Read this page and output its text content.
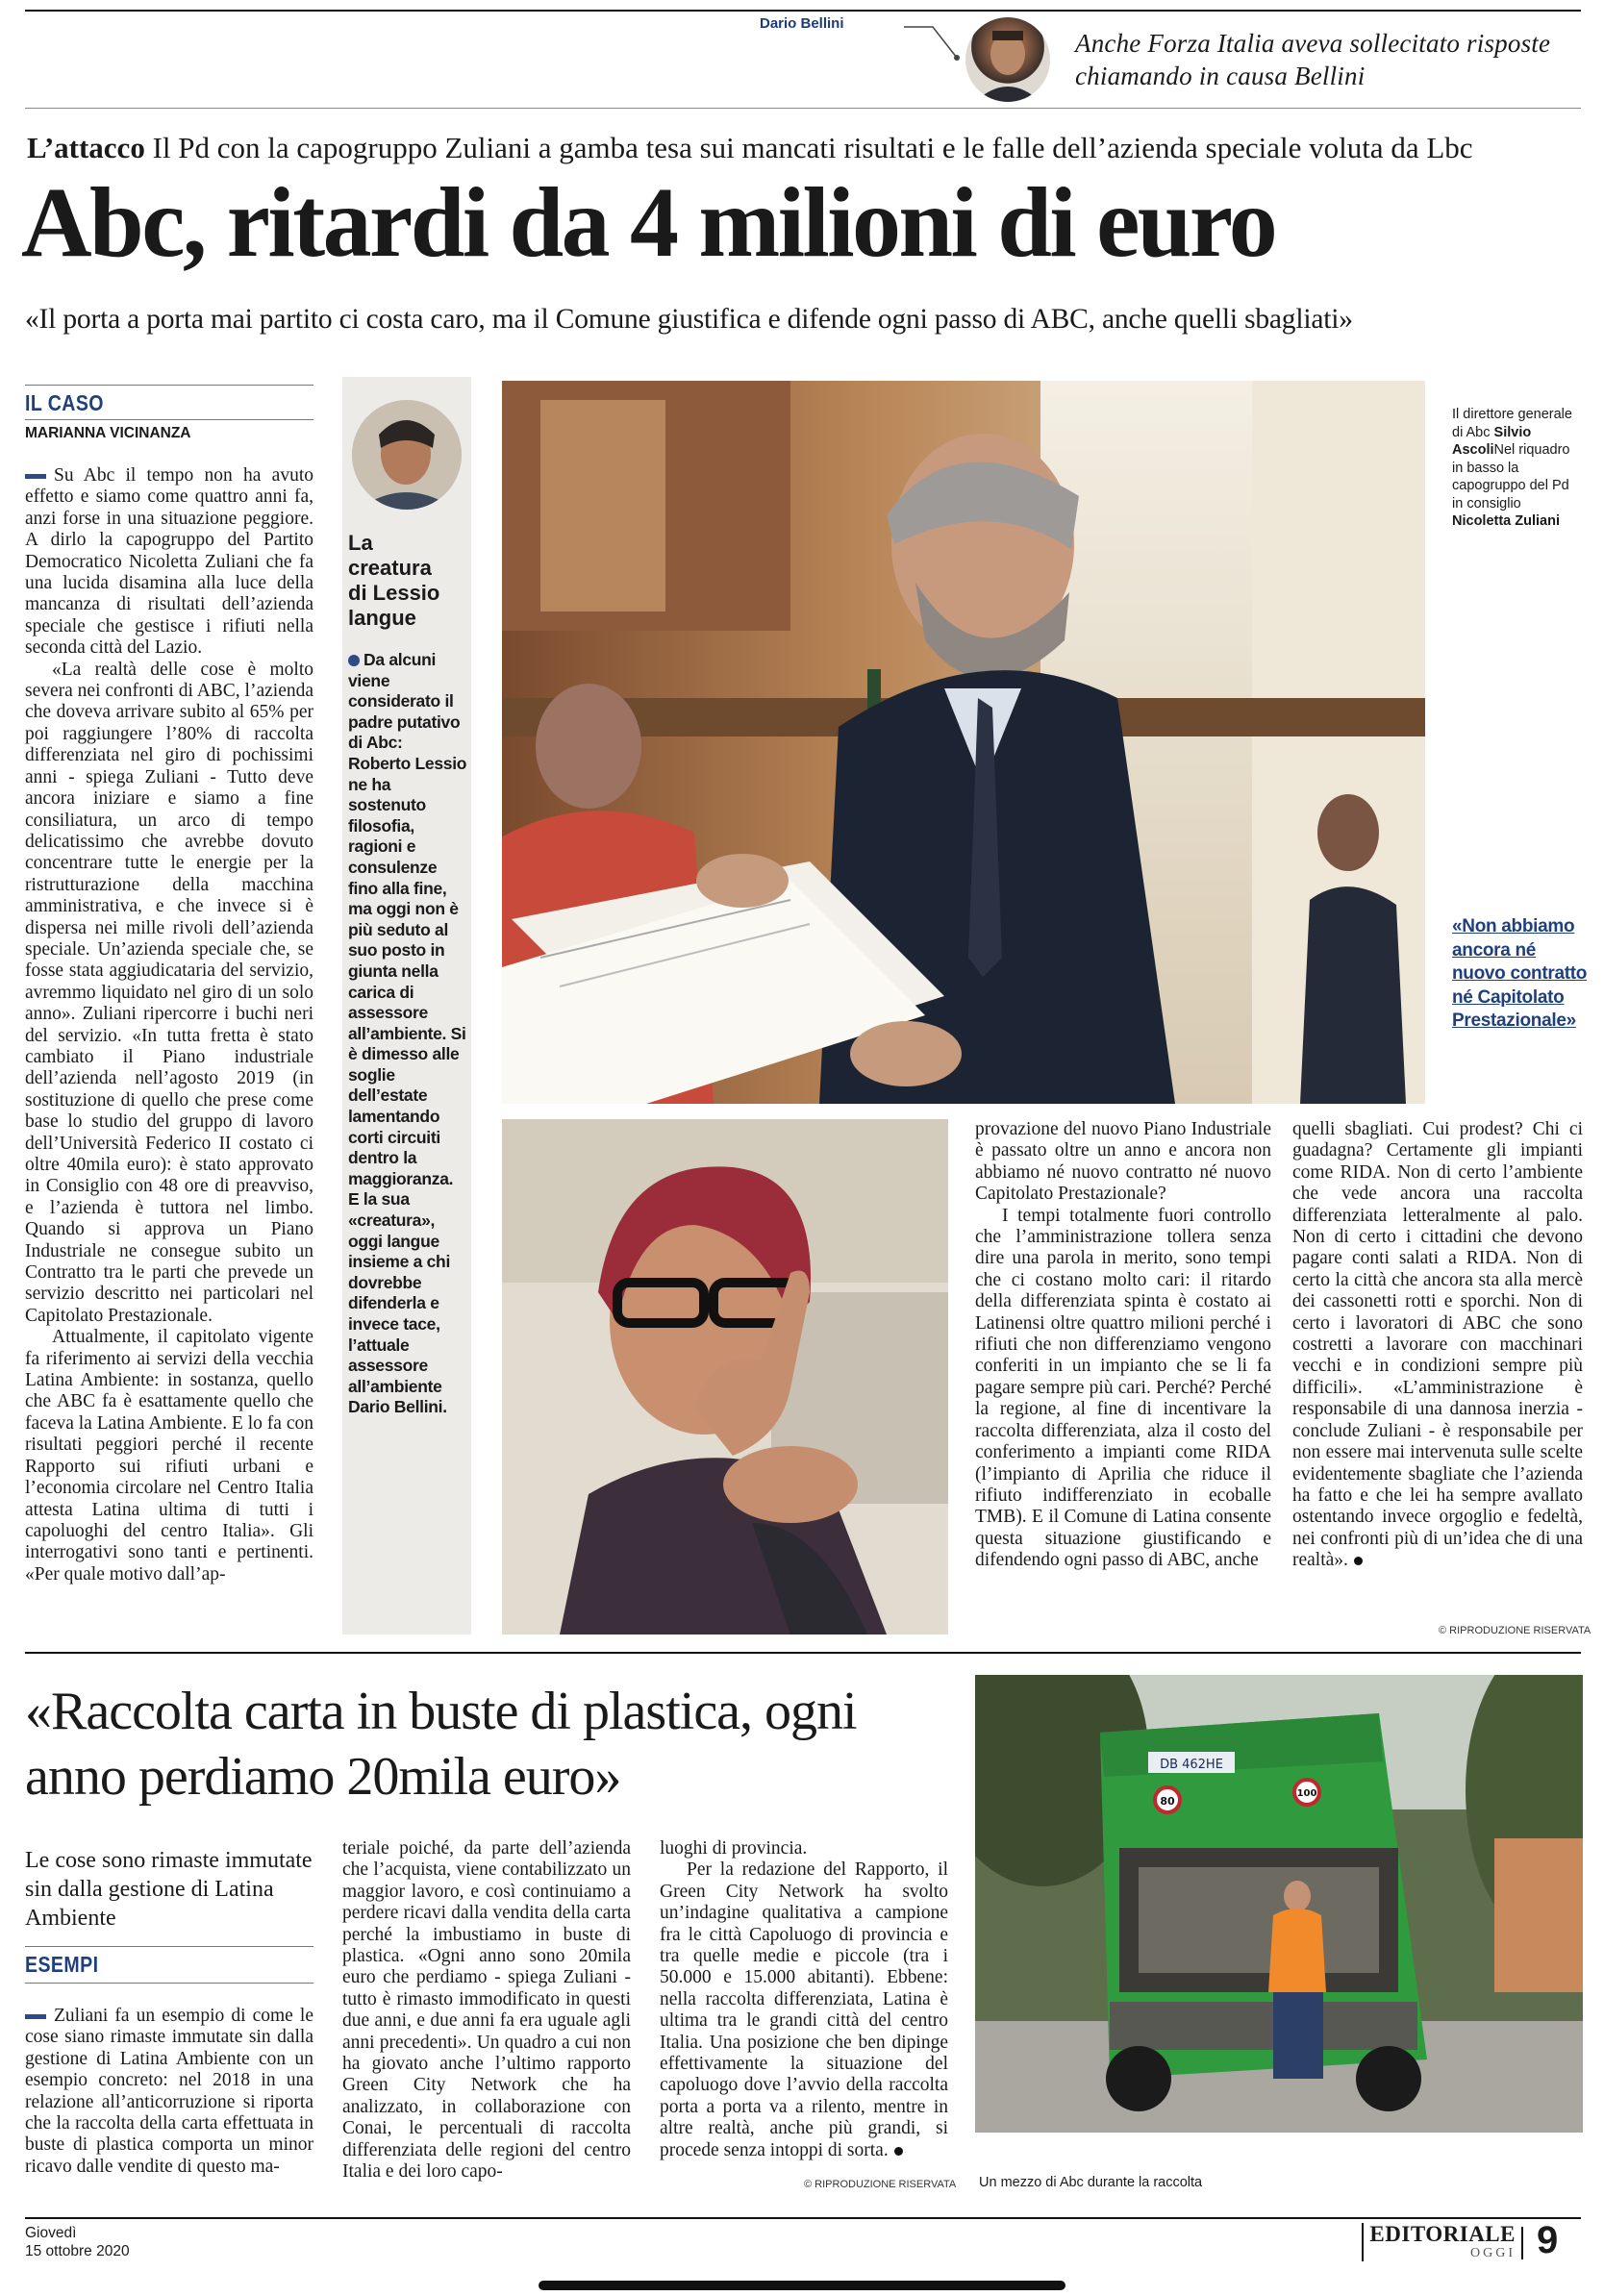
Dario Bellini
Anche Forza Italia aveva sollecitato risposte chiamando in causa Bellini
L’attacco Il Pd con la capogruppo Zuliani a gamba tesa sui mancati risultati e le falle dell’azienda speciale voluta da Lbc
Abc, ritardi da 4 milioni di euro
«Il porta a porta mai partito ci costa caro, ma il Comune giustifica e difende ogni passo di ABC, anche quelli sbagliati»
IL CASO
MARIANNA VICINANZA

Su Abc il tempo non ha avuto effetto e siamo come quattro anni fa, anzi forse in una situazione peggiore. A dirlo la capogruppo del Partito Democratico Nicoletta Zuliani che fa una lucida disamina alla luce della mancanza di risultati dell’azienda speciale che gestisce i rifiuti nella seconda città del Lazio.

«La realtà delle cose è molto severa nei confronti di ABC, l’azienda che doveva arrivare subito al 65% per poi raggiungere l’80% di raccolta differenziata nel giro di pochissimi anni - spiega Zuliani - Tutto deve ancora iniziare e siamo a fine consiliatura, un arco di tempo delicatissimo che avrebbe dovuto concentrare tutte le energie per la ristrutturazione della macchina amministrativa, e che invece si è dispersa nei mille rivoli dell’azienda speciale. Un’azienda speciale che, se fosse stata aggiudicataria del servizio, avremmo liquidato nel giro di un solo anno». Zuliani ripercorre i buchi neri del servizio. «In tutta fretta è stato cambiato il Piano industriale dell’azienda nell’agosto 2019 (in sostituzione di quello che prese come base lo studio del gruppo di lavoro dell’Università Federico II costato ci oltre 40mila euro): è stato approvato in Consiglio con 48 ore di preavviso, e l’azienda è tuttora nel limbo. Quando si approva un Piano Industriale ne consegue subito un Contratto tra le parti che prevede un servizio descritto nei particolari nel Capitolato Prestazionale.

Attualmente, il capitolato vigente fa riferimento ai servizi della vecchia Latina Ambiente: in sostanza, quello che ABC fa è esattamente quello che faceva la Latina Ambiente. E lo fa con risultati peggiori perché il recente Rapporto sui rifiuti urbani e l’economia circolare nel Centro Italia attesta Latina ultima di tutti i capoluoghi del centro Italia». Gli interrogativi sono tanti e pertinenti. «Per quale motivo dall’ap-

La creatura di Lessio langue
Da alcuni viene considerato il padre putativo di Abc: Roberto Lessio ne ha sostenuto filosofia, ragioni e consulenze fino alla fine, ma oggi non è più seduto al suo posto in giunta nella carica di assessore all’ambiente. Si è dimesso alle soglie dell’estate lamentando corti circuiti dentro la maggioranza. E la sua «creatura», oggi langue insieme a chi dovrebbe difenderla e invece tace, l’attuale assessore all’ambiente Dario Bellini.
Il direttore generale di Abc Silvio AscoliNel riquadro in basso la capogruppo del Pd in consiglio Nicoletta Zuliani
«Non abbiamo ancora né nuovo contratto né Capitolato Prestazionale»

provazione del nuovo Piano Industriale è passato oltre un anno e ancora non abbiamo né nuovo contratto né nuovo Capitolato Prestazionale?

I tempi totalmente fuori controllo che l’amministrazione tollera senza dire una parola in merito, sono tempi che ci costano molto cari: il ritardo della differenziata spinta è costato ai Latinensi oltre quattro milioni perché i rifiuti che non differenziamo vengono conferiti in un impianto che se li fa pagare sempre più cari. Perché? Perché la regione, al fine di incentivare la raccolta differenziata, alza il costo del conferimento a impianti come RIDA (l’impianto di Aprilia che riduce il rifiuto indifferenziato in ecoballe TMB). E il Comune di Latina consente questa situazione giustificando e difendendo ogni passo di ABC, anche

quelli sbagliati. Cui prodest? Chi ci guadagna? Certamente gli impianti come RIDA. Non di certo l’ambiente che vede ancora una raccolta differenziata letteralmente al palo. Non di certo i cittadini che devono pagare conti salati a RIDA. Non di certo la città che ancora sta alla mercè dei cassonetti rotti e sporchi. Non di certo i lavoratori di ABC che sono costretti a lavorare con macchinari vecchi e in condizioni sempre più difficili». «L’amministrazione è responsabile di una dannosa inerzia - conclude Zuliani - è responsabile per non essere mai intervenuta sulle scelte evidentemente sbagliate che l’azienda ha fatto e che lei ha sempre avallato ostentando invece orgoglio e fedeltà, nei confronti più di un’idea che di una realtà».

© RIPRODUZIONE RISERVATA
«Raccolta carta in buste di plastica, ogni anno perdiamo 20mila euro»
Le cose sono rimaste immutate sin dalla gestione di Latina Ambiente
ESEMPI

Zuliani fa un esempio di come le cose siano rimaste immutate sin dalla gestione di Latina Ambiente con un esempio concreto: nel 2018 in una relazione all’anticorruzione si riporta che la raccolta della carta effettuata in buste di plastica comporta un minor ricavo dalle vendite di questo ma-

teriale poiché, da parte dell’azienda che l’acquista, viene contabilizzato un maggior lavoro, e così continuiamo a perdere ricavi dalla vendita della carta perché la imbustiamo in buste di plastica. «Ogni anno sono 20mila euro che perdiamo - spiega Zuliani - tutto è rimasto immodificato in questi due anni, e due anni fa era uguale agli anni precedenti». Un quadro a cui non ha giovato anche l’ultimo rapporto Green City Network che ha analizzato, in collaborazione con Conai, le percentuali di raccolta differenziata delle regioni del centro Italia e dei loro capo-

luoghi di provincia.

Per la redazione del Rapporto, il Green City Network ha svolto un’indagine qualitativa a campione fra le città Capoluogo di provincia e tra quelle medie e piccole (tra i 50.000 e 15.000 abitanti). Ebbene: nella raccolta differenziata, Latina è ultima tra le grandi città del centro Italia. Una posizione che ben dipinge effettivamente la situazione del capoluogo dove l’avvio della raccolta porta a porta va a rilento, mentre in altre realtà, anche più grandi, si procede senza intoppi di sorta.

© RIPRODUZIONE RISERVATA
DB 462HE
80
100
Un mezzo di Abc durante la raccolta
Giovedì
15 ottobre 2020
EDITORIALE
OGGI 9
